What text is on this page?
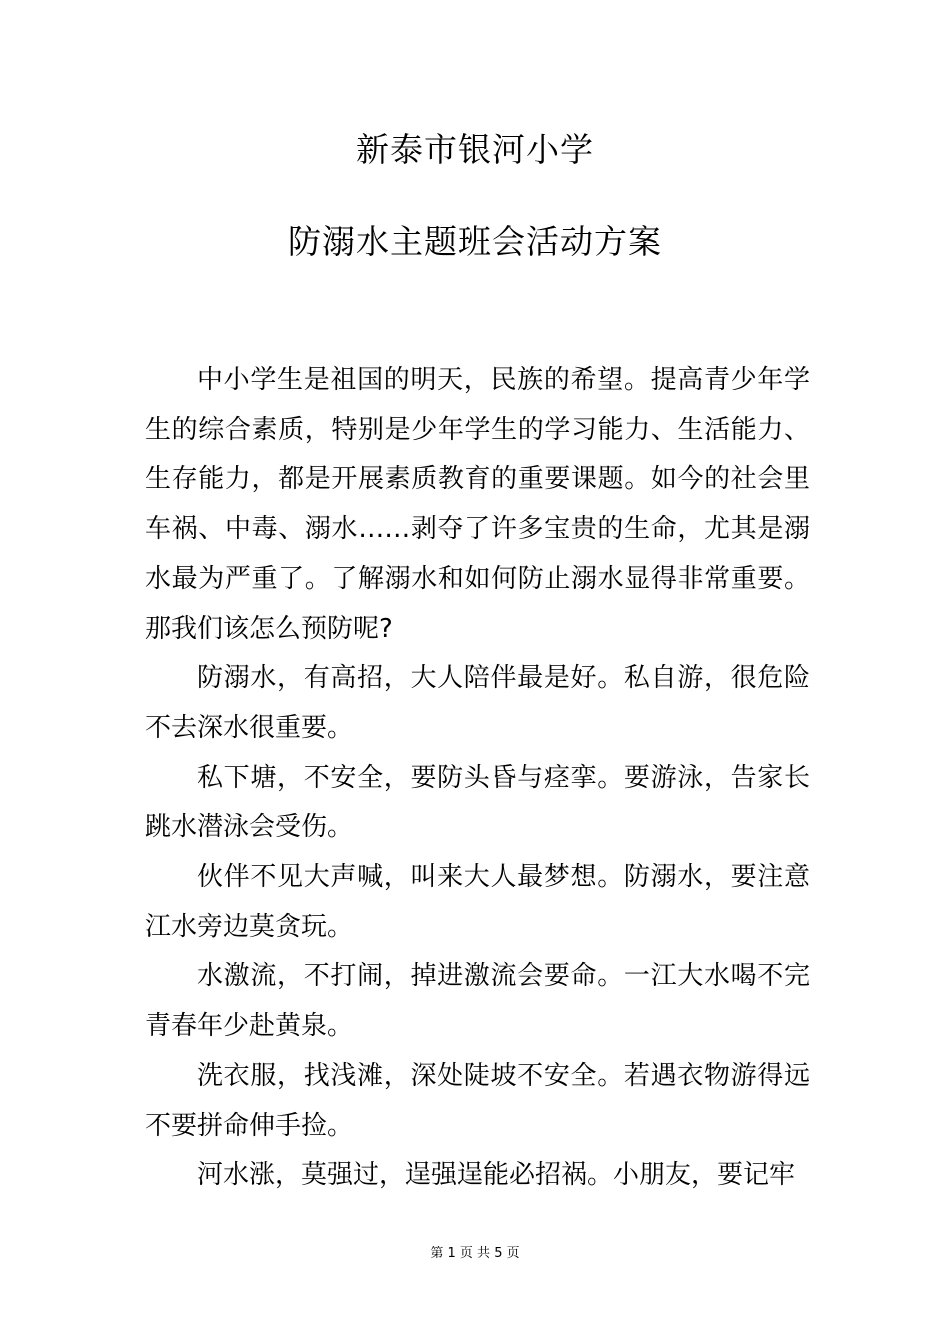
新泰市银河小学
防溺水主题班会活动方案

中小学生是祖国的明天，民族的希望。提高青少年学生的综合素质，特别是少年学生的学习能力、生活能力、生存能力，都是开展素质教育的重要课题。如今的社会里车祸、中毒、溺水……剥夺了许多宝贵的生命，尤其是溺水最为严重了。了解溺水和如何防止溺水显得非常重要。那我们该怎么预防呢?

防溺水，有高招，大人陪伴最是好。私自游，很危险不去深水很重要。

私下塘，不安全，要防头昏与痉挛。要游泳，告家长跳水潜泳会受伤。

伙伴不见大声喊，叫来大人最梦想。防溺水，要注意江水旁边莫贪玩。

水激流，不打闹，掉进激流会要命。一江大水喝不完青春年少赴黄泉。

洗衣服，找浅滩，深处陡坡不安全。若遇衣物游得远不要拼命伸手捡。

河水涨，莫强过，逞强逞能必招祸。小朋友，要记牢

第 1 页 共 5 页
